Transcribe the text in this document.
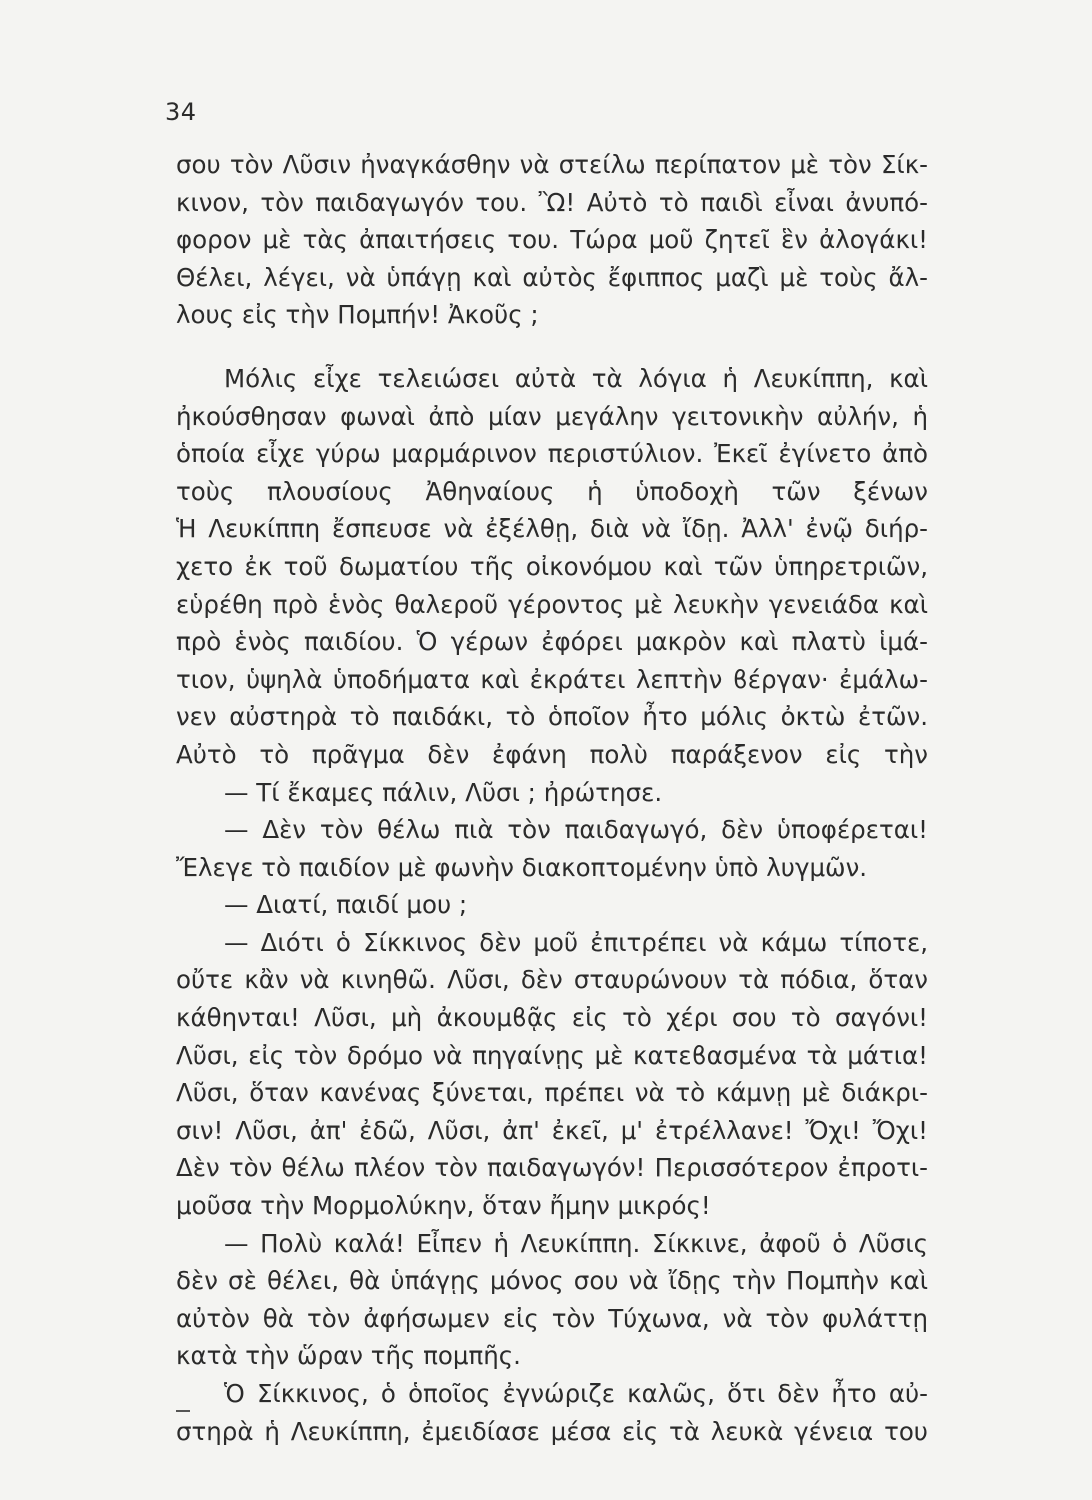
34
σου τὸν Λῦσιν ἠναγκάσθην νὰ στείλω περίπατον μὲ τὸν Σίκ-
κινον, τὸν παιδαγωγόν του. Ὢ! Αὐτὸ τὸ παιδὶ εἶναι ἀνυπό-
φορον μὲ τὰς ἀπαιτήσεις του. Τώρα μοῦ ζητεῖ ἓν ἀλογάκι!
Θέλει, λέγει, νὰ ὑπάγῃ καὶ αὐτὸς ἔφιππος μαζὶ μὲ τοὺς ἄλ-
λους εἰς τὴν Πομπήν! Ἀκοῦς ;
Μόλις εἶχε τελειώσει αὐτὰ τὰ λόγια ἡ Λευκίππη, καὶ
ἠκούσθησαν φωναὶ ἀπὸ μίαν μεγάλην γειτονικὴν αὐλήν, ἡ
ὁποία εἶχε γύρω μαρμάρινον περιστύλιον. Ἐκεῖ ἐγίνετο ἀπὸ
τοὺς πλουσίους Ἀθηναίους ἡ ὑποδοχὴ τῶν ξένων
Ἡ Λευκίππη ἔσπευσε νὰ ἐξέλθῃ, διὰ νὰ ἴδῃ. Ἀλλ' ἐνῷ διήρ-
χετο ἐκ τοῦ δωματίου τῆς οἰκονόμου καὶ τῶν ὑπηρετριῶν,
εὑρέθη πρὸ ἑνὸς θαλεροῦ γέροντος μὲ λευκὴν γενειάδα καὶ
πρὸ ἑνὸς παιδίου. Ὁ γέρων ἐφόρει μακρὸν καὶ πλατὺ ἱμά-
τιον, ὑψηλὰ ὑποδήματα καὶ ἐκράτει λεπτὴν ϐέργαν· ἐμάλω-
νεν αὐστηρὰ τὸ παιδάκι, τὸ ὁποῖον ἦτο μόλις ὀκτὼ ἐτῶν.
Αὐτὸ τὸ πρᾶγμα δὲν ἐφάνη πολὺ παράξενον εἰς τὴν
— Τί ἔκαμες πάλιν, Λῦσι ; ἠρώτησε.
— Δὲν τὸν θέλω πιὰ τὸν παιδαγωγό, δὲν ὑποφέρεται!
Ἔλεγε τὸ παιδίον μὲ φωνὴν διακοπτομένην ὑπὸ λυγμῶν.
— Διατί, παιδί μου ;
— Διότι ὁ Σίκκινος δὲν μοῦ ἐπιτρέπει νὰ κάμω τίποτε,
οὔτε κἂν νὰ κινηθῶ. Λῦσι, δὲν σταυρώνουν τὰ πόδια, ὅταν
κάθηνται! Λῦσι, μὴ ἀκουμϐᾷς εἰς τὸ χέρι σου τὸ σαγόνι!
Λῦσι, εἰς τὸν δρόμο νὰ πηγαίνῃς μὲ κατεϐασμένα τὰ μάτια!
Λῦσι, ὅταν κανένας ξύνεται, πρέπει νὰ τὸ κάμνῃ μὲ διάκρι-
σιν! Λῦσι, ἀπ' ἐδῶ, Λῦσι, ἀπ' ἐκεῖ, μ' ἐτρέλλανε! Ὄχι! Ὄχι!
Δὲν τὸν θέλω πλέον τὸν παιδαγωγόν! Περισσότερον ἐπροτι-
μοῦσα τὴν Μορμολύκην, ὅταν ἤμην μικρός!
— Πολὺ καλά! Εἶπεν ἡ Λευκίππη. Σίκκινε, ἀφοῦ ὁ Λῦσις
δὲν σὲ θέλει, θὰ ὑπάγῃς μόνος σου νὰ ἴδῃς τὴν Πομπὴν καὶ
αὐτὸν θὰ τὸν ἀφήσωμεν εἰς τὸν Τύχωνα, νὰ τὸν φυλάττῃ
κατὰ τὴν ὥραν τῆς πομπῆς.
Ὁ Σίκκινος, ὁ ὁποῖος ἐγνώριζε καλῶς, ὅτι δὲν ἦτο αὐ-
στηρὰ ἡ Λευκίππη, ἐμειδίασε μέσα εἰς τὰ λευκὰ γένεια του
